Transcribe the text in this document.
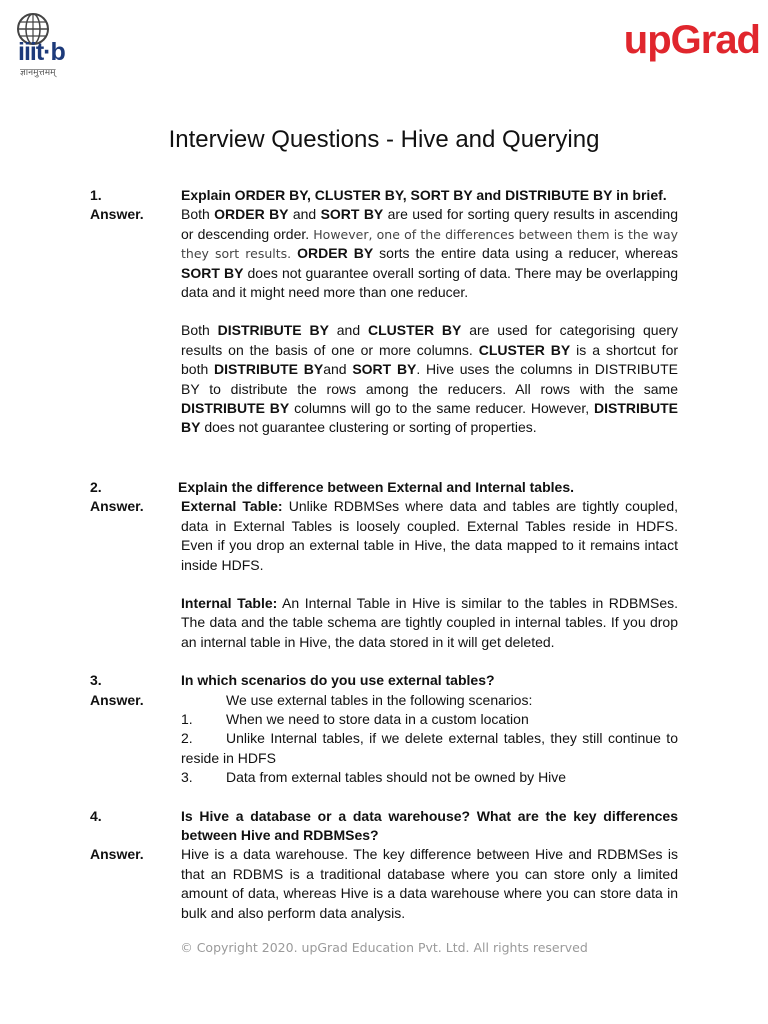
iiit·b
ज्ञानमुत्तमम्
upGrad
Interview Questions - Hive and Querying
1.	Explain ORDER BY, CLUSTER BY, SORT BY and DISTRIBUTE BY in brief.
Answer.	Both ORDER BY and SORT BY are used for sorting query results in ascending or descending order. However, one of the differences between them is the way they sort results. ORDER BY sorts the entire data using a reducer, whereas SORT BY does not guarantee overall sorting of data. There may be overlapping data and it might need more than one reducer.
Both DISTRIBUTE BY and CLUSTER BY are used for categorising query results on the basis of one or more columns. CLUSTER BY is a shortcut for both DISTRIBUTE BYand SORT BY. Hive uses the columns in DISTRIBUTE BY to distribute the rows among the reducers. All rows with the same DISTRIBUTE BY columns will go to the same reducer. However, DISTRIBUTE BY does not guarantee clustering or sorting of properties.
2.	Explain the difference between External and Internal tables.
Answer.	External Table: Unlike RDBMSes where data and tables are tightly coupled, data in External Tables is loosely coupled. External Tables reside in HDFS. Even if you drop an external table in Hive, the data mapped to it remains intact inside HDFS.
Internal Table: An Internal Table in Hive is similar to the tables in RDBMSes. The data and the table schema are tightly coupled in internal tables. If you drop an internal table in Hive, the data stored in it will get deleted.
3.	In which scenarios do you use external tables?
Answer.	We use external tables in the following scenarios:
1.	When we need to store data in a custom location
2.	Unlike Internal tables, if we delete external tables, they still continue to
reside in HDFS
3.	Data from external tables should not be owned by Hive
4.	Is Hive a database or a data warehouse? What are the key differences between Hive and RDBMSes?
Answer.	Hive is a data warehouse. The key difference between Hive and RDBMSes is that an RDBMS is a traditional database where you can store only a limited amount of data, whereas Hive is a data warehouse where you can store data in bulk and also perform data analysis.
© Copyright 2020. upGrad Education Pvt. Ltd. All rights reserved
